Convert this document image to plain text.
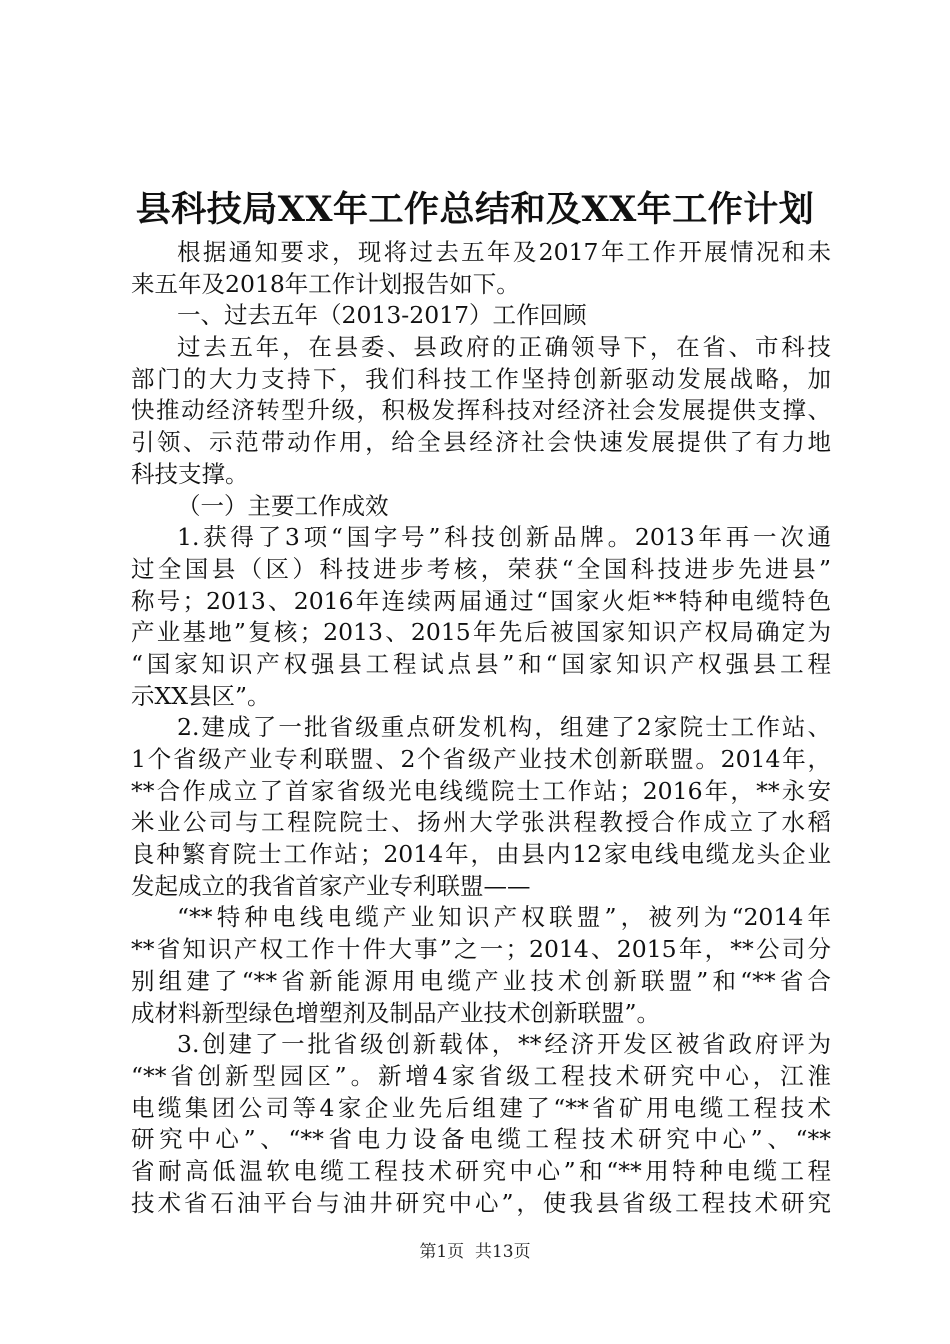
县科技局XX年工作总结和及XX年工作计划
根据通知要求，现将过去五年及2017年工作开展情况和未
来五年及2018年工作计划报告如下。
一、过去五年（2013-2017）工作回顾
过去五年，在县委、县政府的正确领导下，在省、市科技
部门的大力支持下，我们科技工作坚持创新驱动发展战略，加
快推动经济转型升级，积极发挥科技对经济社会发展提供支撑、
引领、示范带动作用，给全县经济社会快速发展提供了有力地
科技支撑。
（一）主要工作成效
1.获得了3项“国字号”科技创新品牌。2013年再一次通
过全国县（区）科技进步考核，荣获“全国科技进步先进县”
称号；2013、2016年连续两届通过“国家火炬**特种电缆特色
产业基地”复核；2013、2015年先后被国家知识产权局确定为
“国家知识产权强县工程试点县”和“国家知识产权强县工程
示XX县区”。
2.建成了一批省级重点研发机构，组建了2家院士工作站、
1个省级产业专利联盟、2个省级产业技术创新联盟。2014年，
**合作成立了首家省级光电线缆院士工作站；2016年，**永安
米业公司与工程院院士、扬州大学张洪程教授合作成立了水稻
良种繁育院士工作站；2014年，由县内12家电线电缆龙头企业
发起成立的我省首家产业专利联盟——
“**特种电线电缆产业知识产权联盟”，被列为“2014年
**省知识产权工作十件大事”之一；2014、2015年，**公司分
别组建了“**省新能源用电缆产业技术创新联盟”和“**省合
成材料新型绿色增塑剂及制品产业技术创新联盟”。
3.创建了一批省级创新载体，**经济开发区被省政府评为
“**省创新型园区”。新增4家省级工程技术研究中心，江淮
电缆集团公司等4家企业先后组建了“**省矿用电缆工程技术
研究中心”、“**省电力设备电缆工程技术研究中心”、“**
省耐高低温软电缆工程技术研究中心”和“**用特种电缆工程
技术省石油平台与油井研究中心”，使我县省级工程技术研究
第1页  共13页
